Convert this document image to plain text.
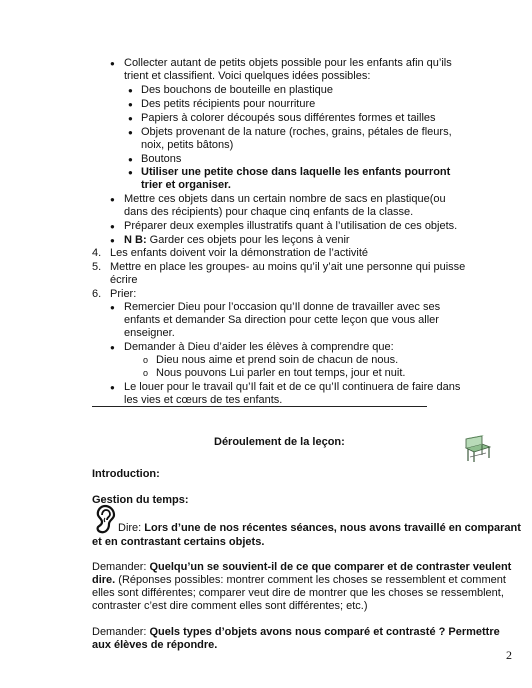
● Collecter autant de petits objets possible pour les enfants afin qu’ils
trient et classifient. Voici quelques idées possibles:
● Des bouchons de bouteille en plastique
● Des petits récipients pour nourriture
● Papiers à colorer découpés sous différentes formes et tailles
● Objets provenant de la nature (roches, grains, pétales de fleurs,
noix, petits bâtons)
● Boutons
● Utiliser une petite chose dans laquelle les enfants pourront
trier et organiser.
● Mettre ces objets dans un certain nombre de sacs en plastique(ou
dans des récipients) pour chaque cinq enfants de la classe.
● Préparer deux exemples illustratifs quant à l’utilisation de ces objets.
● N B: Garder ces objets pour les leçons à venir
4. Les enfants doivent voir la démonstration de l’activité
5. Mettre en place les groupes- au moins qu’il y’ait une personne qui puisse
écrire
6. Prier:
● Remercier Dieu pour l’occasion qu’Il donne de travailler avec ses
enfants et demander Sa direction pour cette leçon que vous aller
enseigner.
● Demander à Dieu d’aider les élèves à comprendre que:
o Dieu nous aime et prend soin de chacun de nous.
o Nous pouvons Lui parler en tout temps, jour et nuit.
● Le louer pour le travail qu’Il fait et de ce qu’Il continuera de faire dans
les vies et cœurs de tes enfants.
Déroulement de la leçon:
Introduction:
Gestion du temps:
Dire: Lors d’une de nos récentes séances, nous avons travaillé en comparant
et en contrastant certains objets.
Demander: Quelqu’un se souvient-il de ce que comparer et de contraster veulent
dire. (Réponses possibles: montrer comment les choses se ressemblent et comment
elles sont différentes; comparer veut dire de montrer que les choses se ressemblent,
contraster c’est dire comment elles sont différentes; etc.)
Demander: Quels types d’objets avons nous comparé et contrasté ? Permettre
aux élèves de répondre.
2
